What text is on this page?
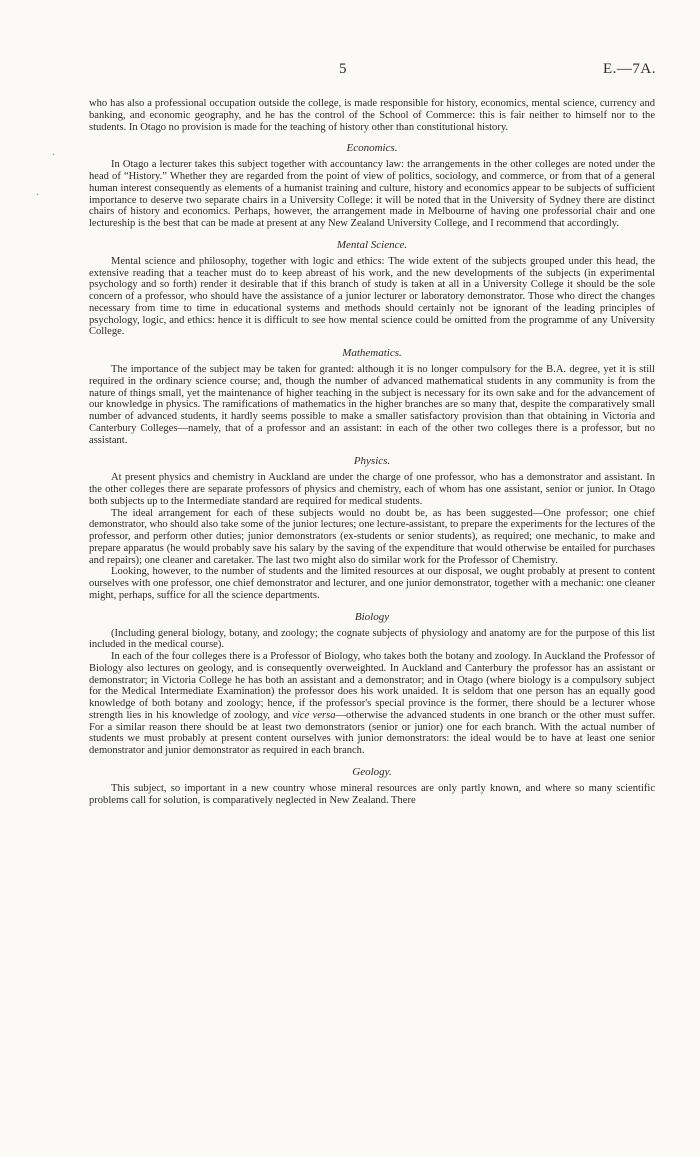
5	E.—7A.
·
·

who has also a professional occupation outside the college, is made responsible for history, economics, mental science, currency and banking, and economic geography, and he has the control of the School of Commerce: this is fair neither to himself nor to the students. In Otago no provision is made for the teaching of history other than constitutional history.

Economics.

In Otago a lecturer takes this subject together with accountancy law: the arrangements in the other colleges are noted under the head of “History.” Whether they are regarded from the point of view of politics, sociology, and commerce, or from that of a general human interest consequently as elements of a humanist training and culture, history and economics appear to be subjects of sufficient importance to deserve two separate chairs in a University College: it will be noted that in the University of Sydney there are distinct chairs of history and economics. Perhaps, however, the arrangement made in Melbourne of having one professorial chair and one lectureship is the best that can be made at present at any New Zealand University College, and I recommend that accordingly.

Mental Science.

Mental science and philosophy, together with logic and ethics: The wide extent of the subjects grouped under this head, the extensive reading that a teacher must do to keep abreast of his work, and the new developments of the subjects (in experimental psychology and so forth) render it desirable that if this branch of study is taken at all in a University College it should be the sole concern of a professor, who should have the assistance of a junior lecturer or laboratory demonstrator. Those who direct the changes necessary from time to time in educational systems and methods should certainly not be ignorant of the leading principles of psychology, logic, and ethics: hence it is difficult to see how mental science could be omitted from the programme of any University College.

Mathematics.

The importance of the subject may be taken for granted: although it is no longer compulsory for the B.A. degree, yet it is still required in the ordinary science course; and, though the number of advanced mathematical students in any community is from the nature of things small, yet the maintenance of higher teaching in the subject is necessary for its own sake and for the advancement of our knowledge in physics. The ramifications of mathematics in the higher branches are so many that, despite the comparatively small number of advanced students, it hardly seems possible to make a smaller satisfactory provision than that obtaining in Victoria and Canterbury Colleges—namely, that of a professor and an assistant: in each of the other two colleges there is a professor, but no assistant.

Physics.

At present physics and chemistry in Auckland are under the charge of one professor, who has a demonstrator and assistant. In the other colleges there are separate professors of physics and chemistry, each of whom has one assistant, senior or junior. In Otago both subjects up to the Intermediate standard are required for medical students.

The ideal arrangement for each of these subjects would no doubt be, as has been suggested—One professor; one chief demonstrator, who should also take some of the junior lectures; one lecture-assistant, to prepare the experiments for the lectures of the professor, and perform other duties; junior demonstrators (ex-students or senior students), as required; one mechanic, to make and prepare apparatus (he would probably save his salary by the saving of the expenditure that would otherwise be entailed for purchases and repairs); one cleaner and caretaker. The last two might also do similar work for the Professor of Chemistry.

Looking, however, to the number of students and the limited resources at our disposal, we ought probably at present to content ourselves with one professor, one chief demonstrator and lecturer, and one junior demonstrator, together with a mechanic: one cleaner might, perhaps, suffice for all the science departments.

Biology

(Including general biology, botany, and zoology; the cognate subjects of physiology and anatomy are for the purpose of this list included in the medical course).

In each of the four colleges there is a Professor of Biology, who takes both the botany and zoology. In Auckland the Professor of Biology also lectures on geology, and is consequently overweighted. In Auckland and Canterbury the professor has an assistant or demonstrator; in Victoria College he has both an assistant and a demonstrator; and in Otago (where biology is a compulsory subject for the Medical Intermediate Examination) the professor does his work unaided. It is seldom that one person has an equally good knowledge of both botany and zoology; hence, if the professor's special province is the former, there should be a lecturer whose strength lies in his knowledge of zoology, and vice versa—otherwise the advanced students in one branch or the other must suffer. For a similar reason there should be at least two demonstrators (senior or junior) one for each branch. With the actual number of students we must probably at present content ourselves with junior demonstrators: the ideal would be to have at least one senior demonstrator and junior demonstrator as required in each branch.

Geology.

This subject, so important in a new country whose mineral resources are only partly known, and where so many scientific problems call for solution, is comparatively neglected in New Zealand. There
